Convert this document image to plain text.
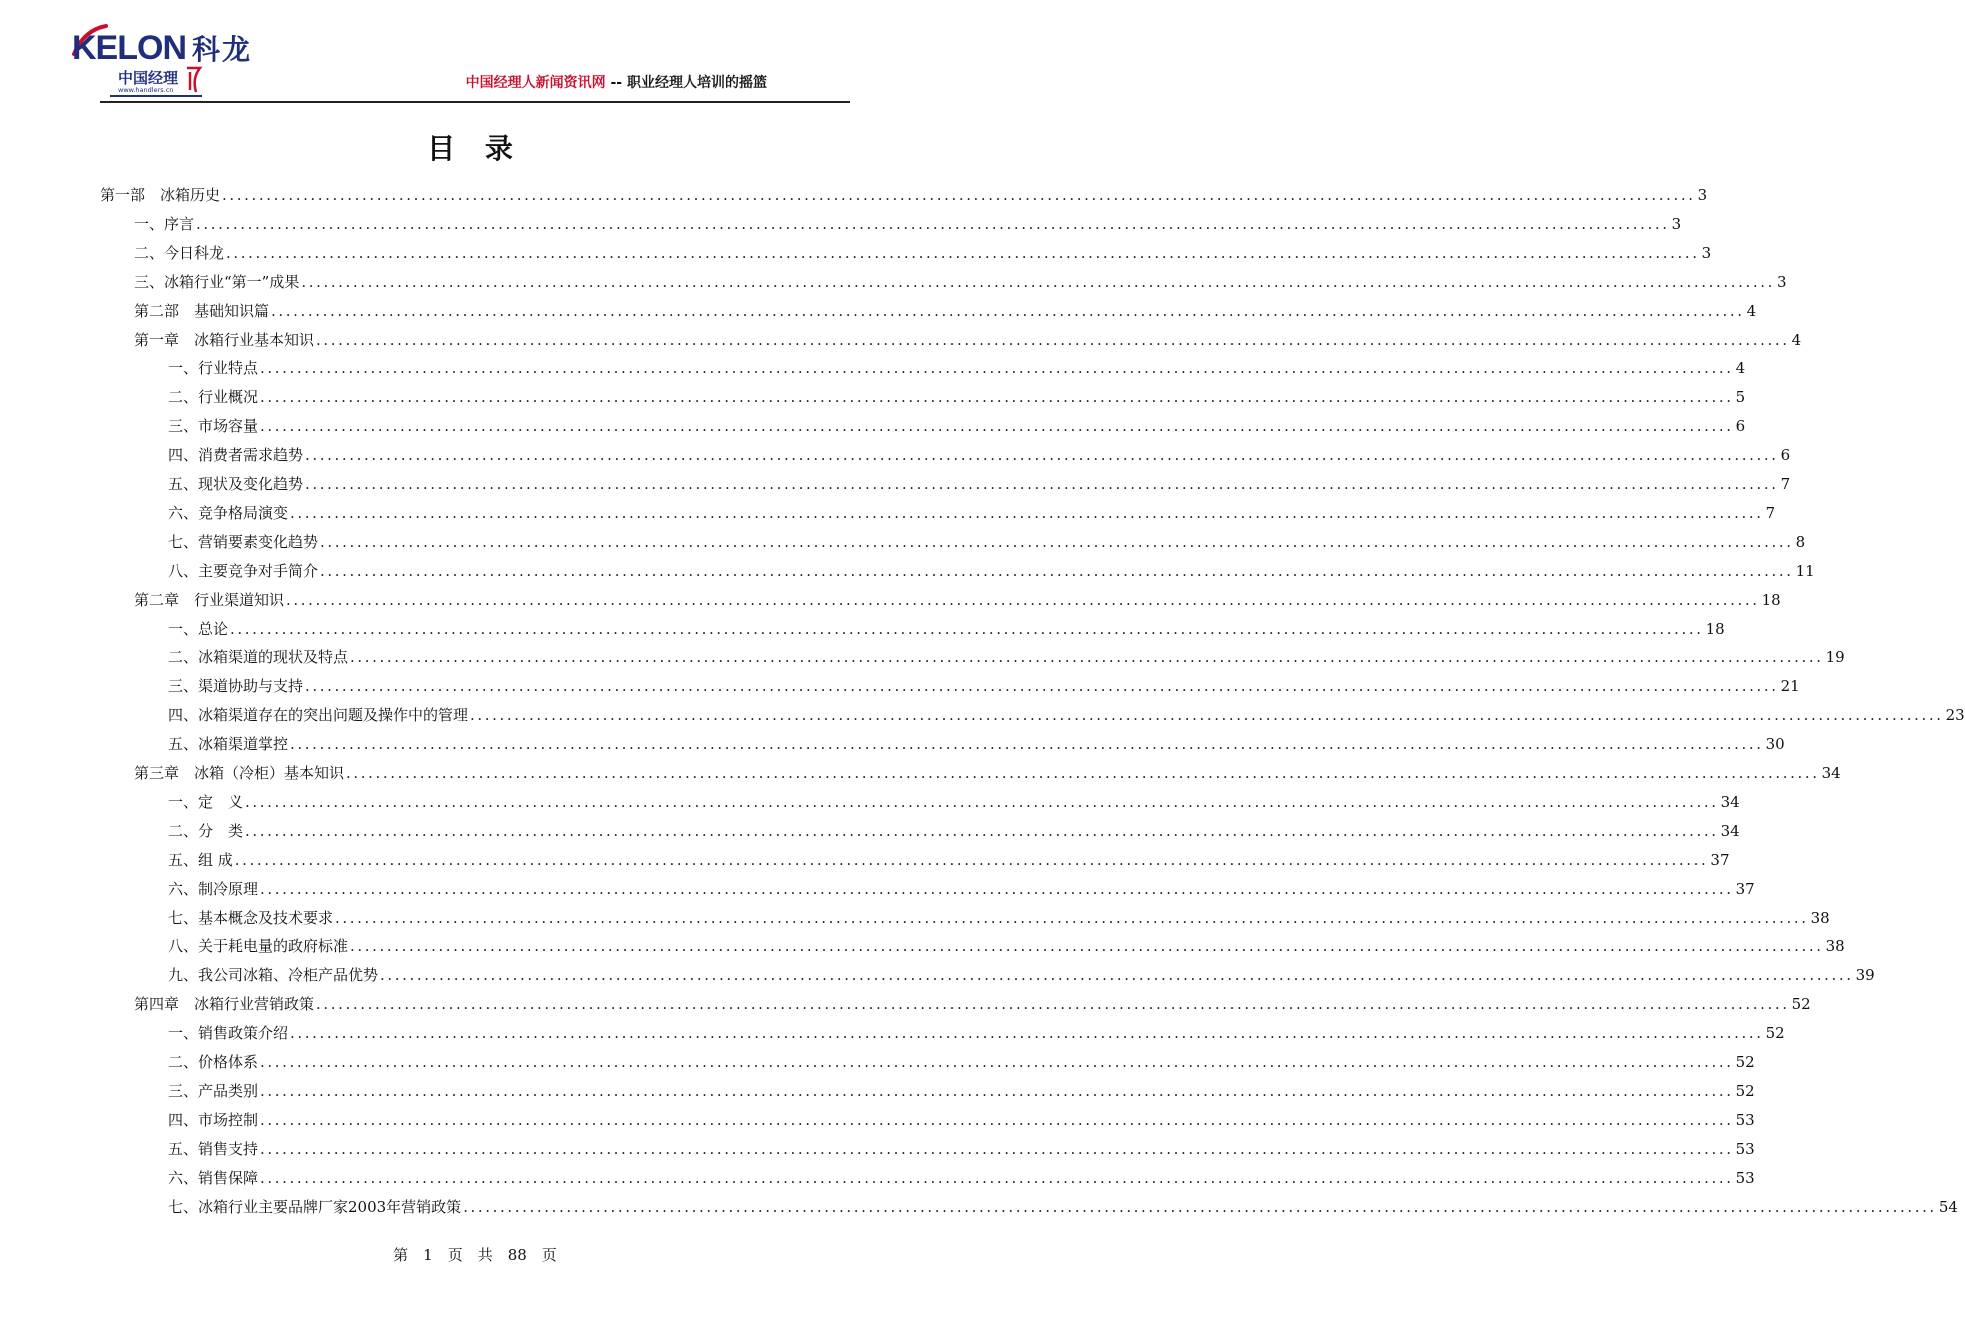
KELON 科龙
中国经理
www.handlers.cn	中国经理人新闻资讯网 -- 职业经理人培训的摇篮
目 录
第一部　冰箱历史 ........................................................................................................................................................................................................ 3
一、序言 ........................................................................................................................................................................................................ 3
二、今日科龙 ........................................................................................................................................................................................................ 3
三、冰箱行业“第一”成果 ........................................................................................................................................................................................................ 3
第二部　基础知识篇 ........................................................................................................................................................................................................ 4
第一章　冰箱行业基本知识 ........................................................................................................................................................................................................ 4
一、行业特点 ........................................................................................................................................................................................................ 4
二、行业概况 ........................................................................................................................................................................................................ 5
三、市场容量 ........................................................................................................................................................................................................ 6
四、消费者需求趋势 ........................................................................................................................................................................................................ 6
五、现状及变化趋势 ........................................................................................................................................................................................................ 7
六、竞争格局演变 ........................................................................................................................................................................................................ 7
七、营销要素变化趋势 ........................................................................................................................................................................................................ 8
八、主要竞争对手简介 ........................................................................................................................................................................................................ 11
第二章　行业渠道知识 ........................................................................................................................................................................................................ 18
一、总论 ........................................................................................................................................................................................................ 18
二、冰箱渠道的现状及特点 ........................................................................................................................................................................................................ 19
三、渠道协助与支持 ........................................................................................................................................................................................................ 21
四、冰箱渠道存在的突出问题及操作中的管理 ........................................................................................................................................................................................................ 23
五、冰箱渠道掌控 ........................................................................................................................................................................................................ 30
第三章　冰箱（冷柜）基本知识 ........................................................................................................................................................................................................ 34
一、定　义 ........................................................................................................................................................................................................ 34
二、分　类 ........................................................................................................................................................................................................ 34
五、组 成 ........................................................................................................................................................................................................ 37
六、制冷原理 ........................................................................................................................................................................................................ 37
七、基本概念及技术要求 ........................................................................................................................................................................................................ 38
八、关于耗电量的政府标准 ........................................................................................................................................................................................................ 38
九、我公司冰箱、冷柜产品优势 ........................................................................................................................................................................................................ 39
第四章　冰箱行业营销政策 ........................................................................................................................................................................................................ 52
一、销售政策介绍 ........................................................................................................................................................................................................ 52
二、价格体系 ........................................................................................................................................................................................................ 52
三、产品类别 ........................................................................................................................................................................................................ 52
四、市场控制 ........................................................................................................................................................................................................ 53
五、销售支持 ........................................................................................................................................................................................................ 53
六、销售保障 ........................................................................................................................................................................................................ 53
七、冰箱行业主要品牌厂家2003年营销政策 ........................................................................................................................................................................................................ 54
第　1　页　共　88　页
